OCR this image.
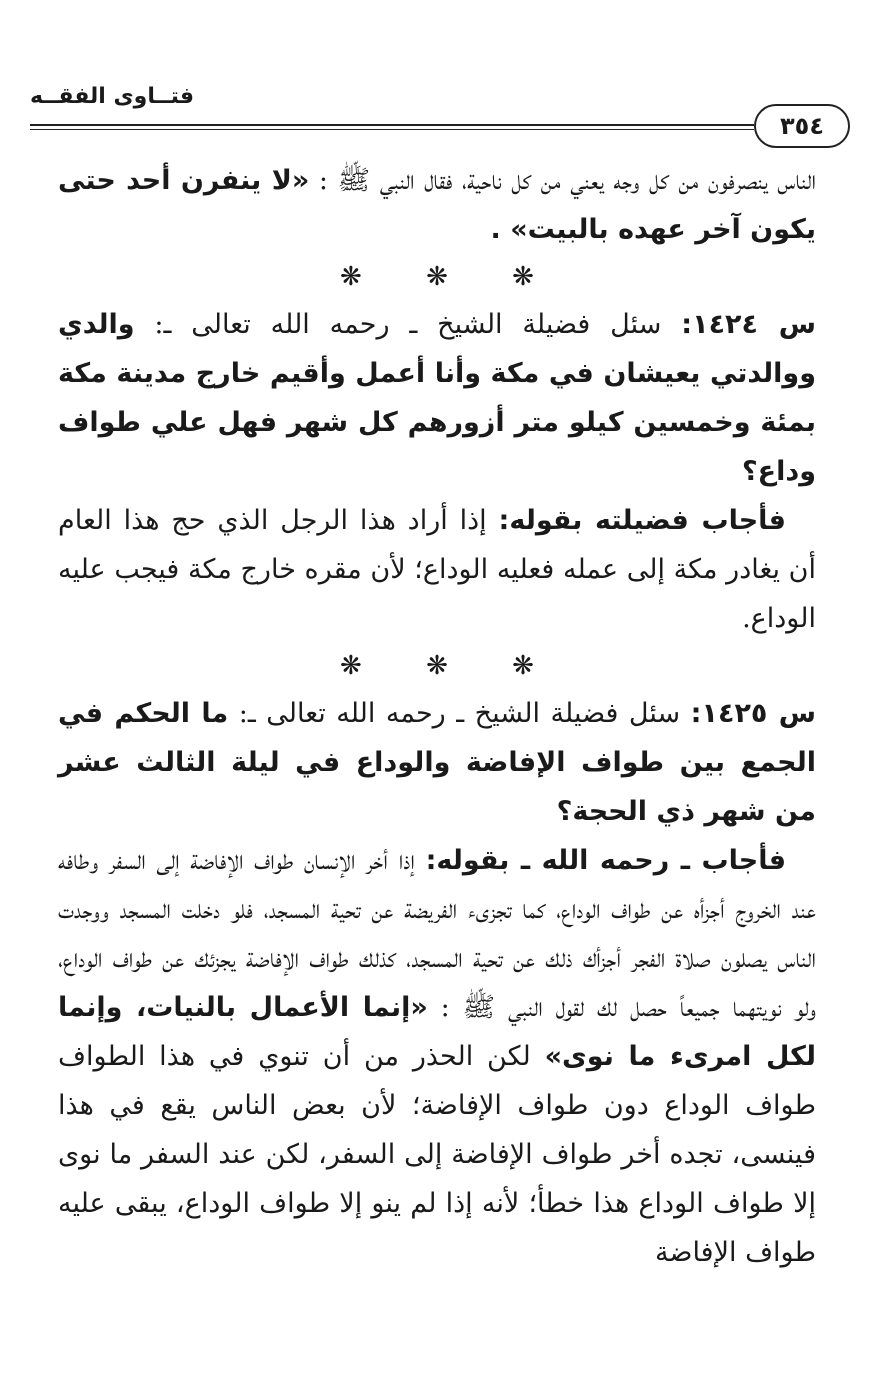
فتــاوى الفقــه
٣٥٤

الناس ينصرفون من كل وجه يعني من كل ناحية، فقال النبي ﷺ : «لا ينفرن أحد حتى يكون آخر عهده بالبيت» .

❋ ❋ ❋

س ١٤٢٤: سئل فضيلة الشيخ ـ رحمه الله تعالى ـ: والدي ووالدتي يعيشان في مكة وأنا أعمل وأقيم خارج مدينة مكة بمئة وخمسين كيلو متر أزورهم كل شهر فهل علي طواف وداع؟

فأجاب فضيلته بقوله: إذا أراد هذا الرجل الذي حج هذا العام أن يغادر مكة إلى عمله فعليه الوداع؛ لأن مقره خارج مكة فيجب عليه الوداع.

❋ ❋ ❋

س ١٤٢٥: سئل فضيلة الشيخ ـ رحمه الله تعالى ـ: ما الحكم في الجمع بين طواف الإفاضة والوداع في ليلة الثالث عشر من شهر ذي الحجة؟

فأجاب ـ رحمه الله ـ بقوله: إذا أخر الإنسان طواف الإفاضة إلى السفر وطافه عند الخروج أجزأه عن طواف الوداع، كما تجزىء الفريضة عن تحية المسجد، فلو دخلت المسجد ووجدت الناس يصلون صلاة الفجر أجزأك ذلك عن تحية المسجد، كذلك طواف الإفاضة يجزئك عن طواف الوداع، ولو نويتهما جميعاً حصل لك لقول النبي ﷺ : «إنما الأعمال بالنيات، وإنما لكل امرىء ما نوى» لكن الحذر من أن تنوي في هذا الطواف طواف الوداع دون طواف الإفاضة؛ لأن بعض الناس يقع في هذا فينسى، تجده أخر طواف الإفاضة إلى السفر، لكن عند السفر ما نوى إلا طواف الوداع هذا خطأ؛ لأنه إذا لم ينو إلا طواف الوداع، يبقى عليه طواف الإفاضة
